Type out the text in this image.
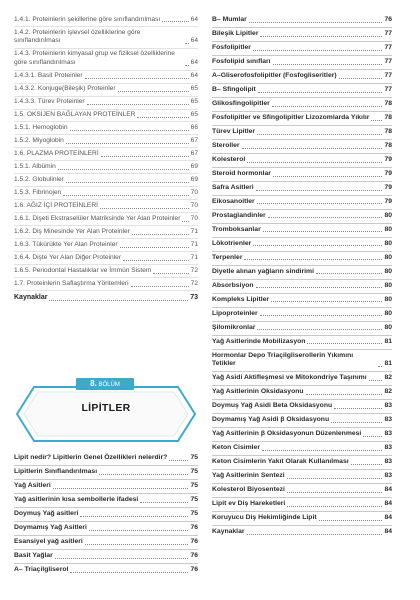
1.4.1. Proteinlerin şekillerine göre sınıflandırılması	64
1.4.2. Proteinlerin işlevsel özelliklerine göre sınıflandırılması	64
1.4.3. Proteinlerin kimyasal grup ve fiziksel özelliklerine göre sınıflandırılması	64
1.4.3.1. Basit Proteinler	64
1.4.3.2. Konjuge(Bileşik) Proteinler	65
1.4.3.3. Türev Proteinler	65
1.5. OKSİJEN BAĞLAYAN PROTEİNLER	65
1.5.1. Hemoglobin	66
1.5.2. Miyoglobin	67
1.6. PLAZMA PROTEİNLERİ	67
1.5.1. Albümin	69
1.5.2. Globulinler	69
1.5.3. Fibrinojen	70
1.6. AĞIZ İÇİ PROTEİNLERİ	70
1.6.1. Dişeti Ekstraselüler Matriksinde Yer Alan Proteinler 70
1.6.2. Diş Minesinde Yer Alan Proteinler	71
1.6.3. Tükürükte Yer Alan Proteinler	71
1.6.4. Dişte Yer Alan Diğer Proteinler	71
1.6.5. Periodontal Hastalıklar ve İmmün Sistem	72
1.7. Proteinlerin Saflaştırma Yöntemleri	72
Kaynaklar	73
8. BÖLÜM
LİPİTLER
Lipit nedir? Lipitlerin Genel Özellikleri nelerdir?	75
Lipitlerin Sınıflandırılması	75
Yağ Asitleri	75
Yağ asitlerinin kısa sembollerle ifadesi	75
Doymuş Yağ asitleri	75
Doymamış Yağ Asitleri	76
Esansiyel yağ asitleri	76
Basit Yağlar	76
A– Triaçilgliserol	76
B– Mumlar	76
Bileşik Lipitler	77
Fosfolipitler	77
Fosfolipid sınıfları	77
A–Gliserofosfolipitler (Fosfogliseritler)	77
B– Sfingolipit	77
Glikosfingolipitler	78
Fosfolipitler ve Sfingolipitler Lizozomlarda Yıkılır 78
Türev Lipitler	78
Steroller	78
Kolesterol	79
Steroid hormonlar	79
Safra Asitleri	79
Eikosanoitler	79
Prostaglandinler	80
Tromboksanlar	80
Lökotrienler	80
Terpenler	80
Diyetle alınan yağların sindirimi	80
Absorbsiyon	80
Kompleks Lipitler	80
Lipoproteinler	80
Şilomikronlar	80
Yağ Asitlerinde Mobilizasyon	81
Hormonlar Depo Triaçilgliserollerin Yıkımını Tetikler	81
Yağ Asidi Aktifleşmesi ve Mitokondriye Taşınımı	82
Yağ Asitlerinin Oksidasyonu	82
Doymuş Yağ Asidi Beta Oksidasyonu	83
Doymamış Yağ Asidi β Oksidasyonu	83
Yağ Asitlerinin β Oksidasyonun Düzenlenmesi	83
Keton Cisimler	83
Keton Cisimlerin Yakıt Olarak Kullanılması	83
Yağ Asitlerinin Sentezi	83
Kolesterol Biyosentezi	84
Lipit ev Diş Hareketleri	84
Koruyucu Diş Hekimliğinde Lipit	84
Kaynaklar	84
